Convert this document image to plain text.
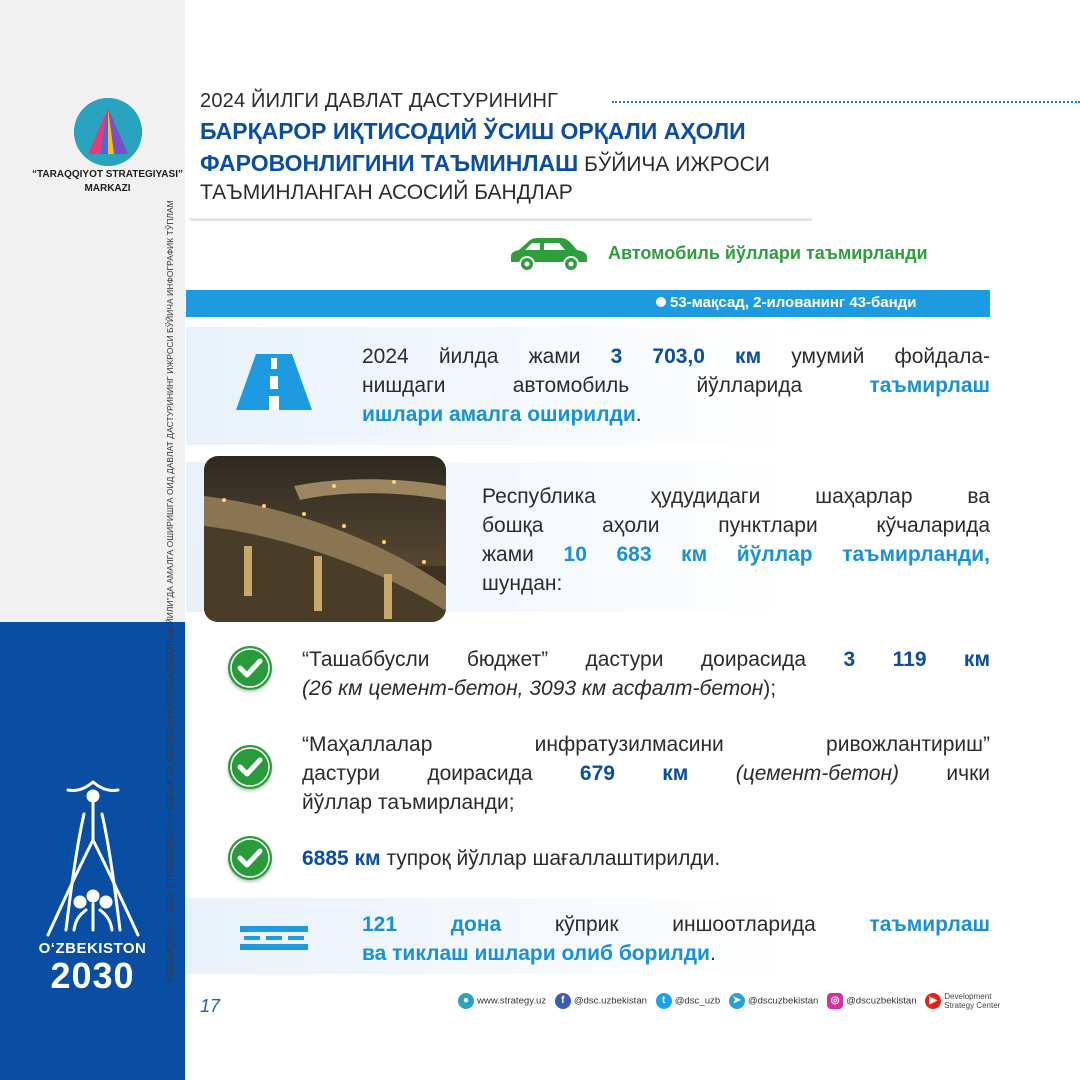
“TARAQQIYOT STRATEGIYASI”
MARKAZI
“ЎЗБЕКИСТОН — 2030” СТРАТЕГИЯСИНИ “ЁШЛАР ВА БИЗНЕСНИ ҚЎЛЛАБ-ҚУВВАТЛАШ ЙИЛИ”ДА АМАЛГА ОШИРИШГА ОИД ДАВЛАТ ДАСТУРИНИНГ ИЖРОСИ БЎЙИЧА ИНФОГРАФИК ТЎПЛАМ
O‘ZBEKISTON
2030
2024 ЙИЛГИ ДАВЛАТ ДАСТУРИНИНГ
БАРҚАРОР ИҚТИСОДИЙ ЎСИШ ОРҚАЛИ АҲОЛИ
ФАРОВОНЛИГИНИ ТАЪМИНЛАШ БЎЙИЧА ИЖРОСИ
ТАЪМИНЛАНГАН АСОСИЙ БАНДЛАР
Автомобиль йўллари таъмирланди
53-мақсад, 2-илованинг 43-банди
2024 йилда жами 3 703,0 км умумий фойдала-
нишдаги автомобиль йўлларида	таъмирлаш
ишлари амалга оширилди.
Республика ҳудудидаги шаҳарлар ва
бошқа аҳоли пунктлари кўчаларида
жами 10 683 км йўллар таъмирланди,
шундан:
“Ташаббусли бюджет” дастури доирасида 3 119 км
(26 км цемент-бетон, 3093 км асфалт-бетон);
“Маҳаллалар инфратузилмасини ривожлантириш”
дастури доирасида 679 км (цемент-бетон) ички
йўллар таъмирланди;
6885 км тупроқ йўллар шағаллаштирилди.
121 дона	кўприк иншоотларида	таъмирлаш
ва тиклаш ишлари олиб борилди.
17	● www.strategy.uz f @dsc.uzbekistan t @dsc_uzb ➤ @dscuzbekistan ◎ @dscuzbekistan ▶ Development
Strategy Center
